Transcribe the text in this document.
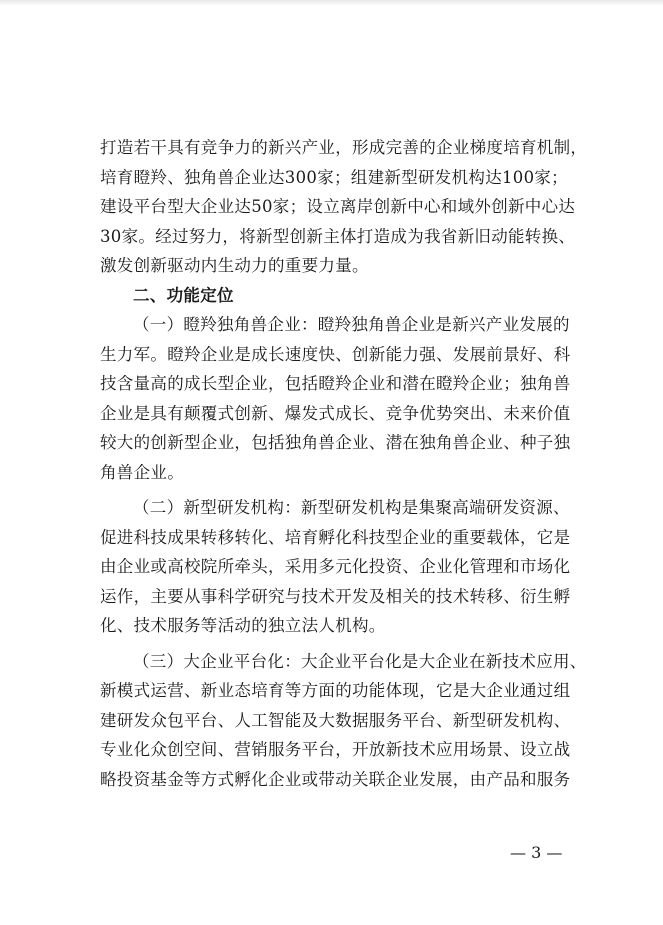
打造若干具有竞争力的新兴产业，形成完善的企业梯度培育机制，
培育瞪羚、独角兽企业达300家；组建新型研发机构达100家；
建设平台型大企业达50家；设立离岸创新中心和域外创新中心达
30家。经过努力，将新型创新主体打造成为我省新旧动能转换、
激发创新驱动内生动力的重要力量。
二、功能定位
（一）瞪羚独角兽企业：瞪羚独角兽企业是新兴产业发展的
生力军。瞪羚企业是成长速度快、创新能力强、发展前景好、科
技含量高的成长型企业，包括瞪羚企业和潜在瞪羚企业；独角兽
企业是具有颠覆式创新、爆发式成长、竞争优势突出、未来价值
较大的创新型企业，包括独角兽企业、潜在独角兽企业、种子独
角兽企业。
（二）新型研发机构：新型研发机构是集聚高端研发资源、
促进科技成果转移转化、培育孵化科技型企业的重要载体，它是
由企业或高校院所牵头，采用多元化投资、企业化管理和市场化
运作，主要从事科学研究与技术开发及相关的技术转移、衍生孵
化、技术服务等活动的独立法人机构。
（三）大企业平台化：大企业平台化是大企业在新技术应用、
新模式运营、新业态培育等方面的功能体现，它是大企业通过组
建研发众包平台、人工智能及大数据服务平台、新型研发机构、
专业化众创空间、营销服务平台，开放新技术应用场景、设立战
略投资基金等方式孵化企业或带动关联企业发展，由产品和服务
— 3 —
